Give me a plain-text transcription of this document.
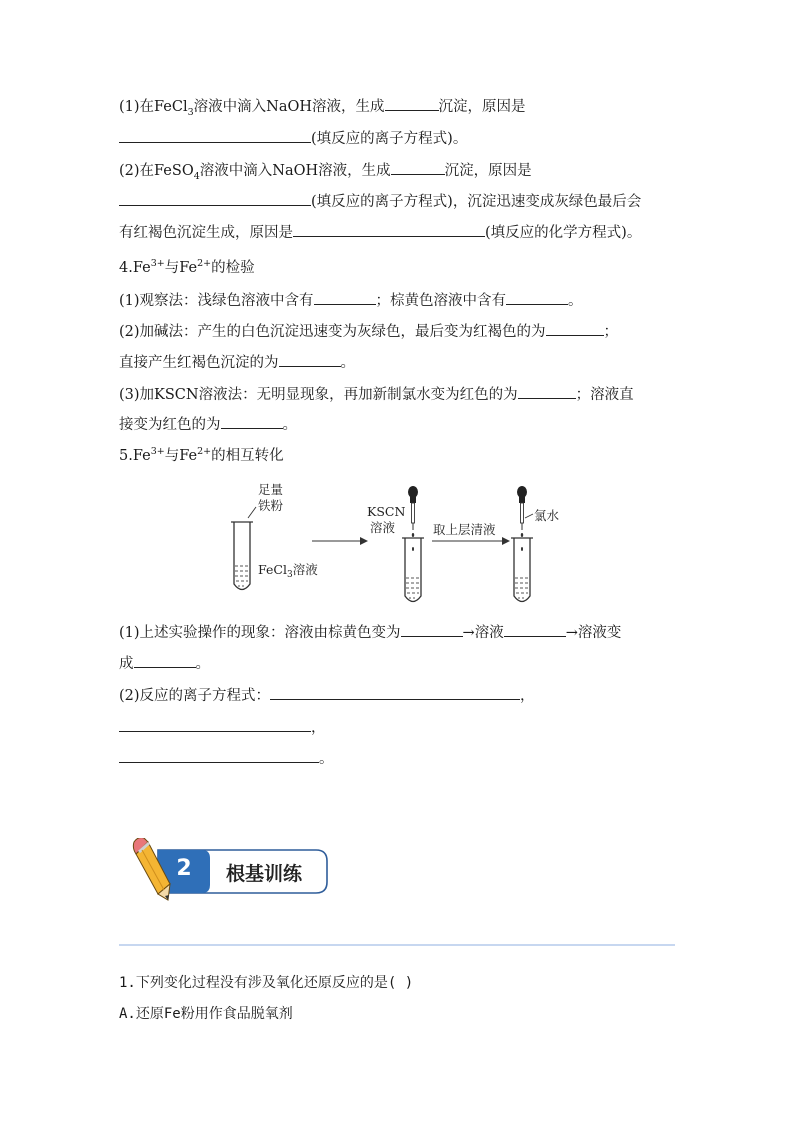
(1)在FeCl$_3$溶液中滴入NaOH溶液，生成	沉淀，原因是
(填反应的离子方程式)。
(2)在FeSO$_4$溶液中滴入NaOH溶液，生成	沉淀，原因是
(填反应的离子方程式)，沉淀迅速变成灰绿色最后会
有红褐色沉淀生成，原因是	(填反应的化学方程式)。
$4.Fe^{3+}$与$Fe^{2+}$的检验
(1)观察法：浅绿色溶液中含有	；棕黄色溶液中含有	。
(2)加碱法：产生的白色沉淀迅速变为灰绿色，最后变为红褐色的为	；
直接产生红褐色沉淀的为	。
(3)加KSCN溶液法：无明显现象，再加新制氯水变为红色的为	；溶液直
接变为红色的为	。
$5.Fe^{3+}$与$Fe^{2+}$的相互转化
足量
铁粉
FeCl$_3$溶液
KSCN
溶液	取上层清液
氯水
(1)上述实验操作的现象：溶液由棕黄色变为	→溶液	→溶液变
成	。
(2)反应的离子方程式：	，
，
。
2	根基训练
1.下列变化过程没有涉及氧化还原反应的是( )
A.还原Fe粉用作食品脱氧剂
